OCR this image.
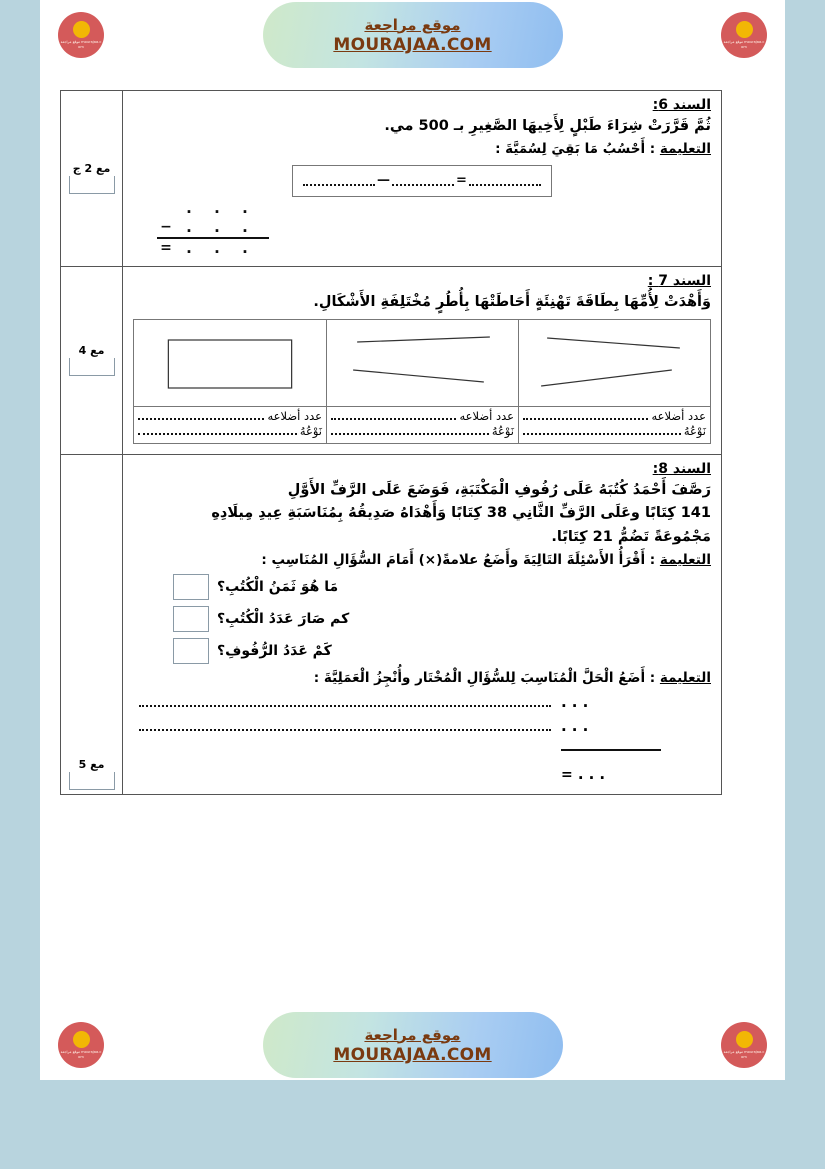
موقع مراجعة mourajaa.com
موقع مراجعة
MOURAJAA.COM	موقع مراجعة mourajaa.com
السند 6:
ثُمَّ قَرَّرَتْ شِرَاءَ طَبْلٍ لِأَخِيهَا الصَّغِيرِ بـ 500 مي.
التعليمة : أَحْسُبُ مَا بَقِيَ لِسُمَيَّةَ :
=
—
.	.	.
− .	.	.
= .	.	.
مع 2 ج
السند 7 :
وَأَهْدَتْ لِأُمِّهَا بِطَاقَةَ تَهْنِئَةٍ أَحَاطَتْهَا بِأُطُرٍ مُخْتَلِفَةِ الأَشْكَالِ.
عدد أضلاعه
نَوْعُهُ
عدد أضلاعه
نَوْعُهُ
عدد أضلاعه
نَوْعُهُ
مع 4
السند 8:
رَصَّفَ أَحْمَدُ كُتُبَهُ عَلَى رُفُوفِ الْمَكْتَبَةِ، فَوَضَعَ عَلَى الرَّفِّ الأَوَّلِ
141 كِتَابًا وعَلَى الرَّفِّ الثَّانِي 38 كِتَابًا وَأَهْدَاهُ صَدِيقُهُ بِمُنَاسَبَةِ عِيدِ مِيلَادِهِ
مَجْمُوعَةً تَضُمُّ 21 كِتَابًا.
التعليمة : أَقْرَأُ الأَسْئِلَةَ التَالِيَةَ وأَضَعُ علامةً(×) أَمَامَ السُّؤَالِ المُنَاسِبِ :
مَا هُوَ ثَمَنُ الْكُتُبِ؟
كم صَارَ عَدَدُ الْكُتُبِ؟
كَمْ عَدَدُ الرُّفُوفِ؟
التعليمة : أَضَعُ الْحَلَّ الْمُنَاسِبَ لِلسُّؤَالِ الْمُخْتَار وأُنْجِزُ الْعَمَلِيَّةَ :
. . .
. . .
= . . .
مع 5
موقع مراجعة mourajaa.com
موقع مراجعة
MOURAJAA.COM	موقع مراجعة mourajaa.com
